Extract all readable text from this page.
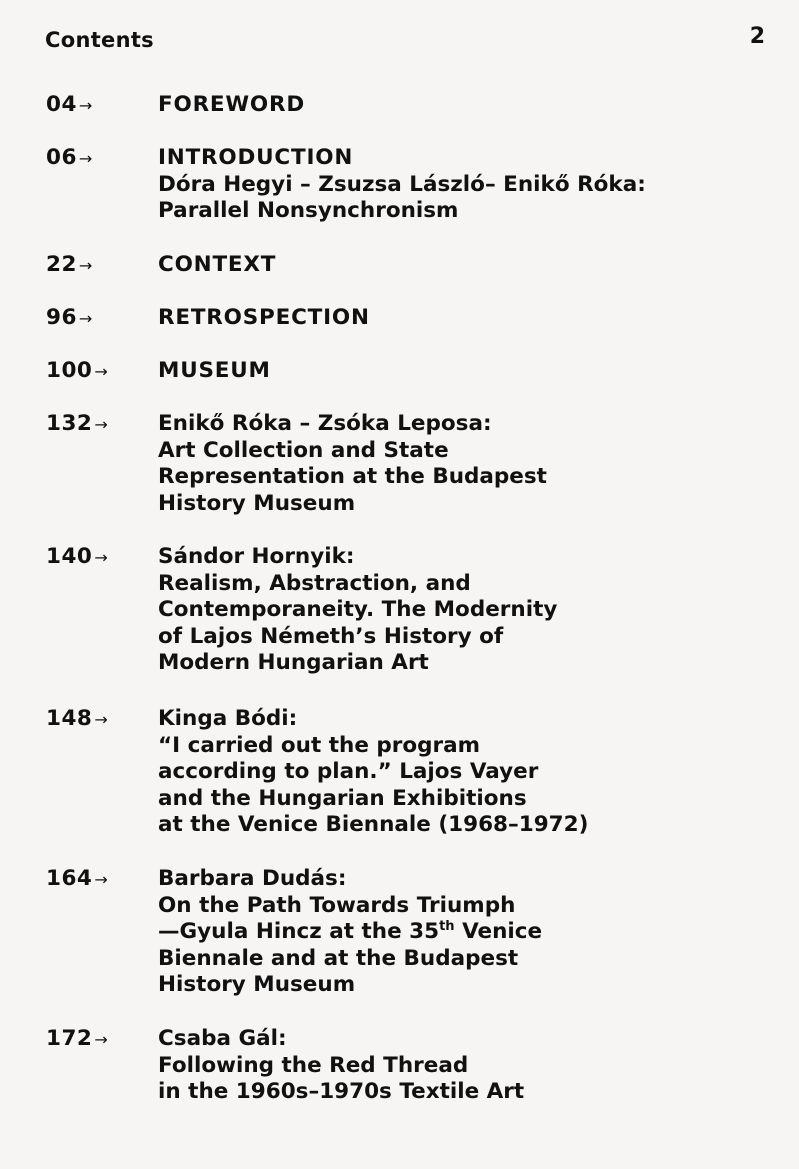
Contents	2
04 →	FOREWORD
06 →	INTRODUCTION
Dóra Hegyi – Zsuzsa László– Enikő Róka:
Parallel Nonsynchronism
22 →	CONTEXT
96 →	RETROSPECTION
100 → MUSEUM
132 → Enikő Róka – Zsóka Leposa:
Art Collection and State
Representation at the Budapest
History Museum
140 → Sándor Hornyik:
Realism, Abstraction, and
Contemporaneity. The Modernity
of Lajos Németh’s History of
Modern Hungarian Art
148 → Kinga Bódi:
“I carried out the program
according to plan.” Lajos Vayer
and the Hungarian Exhibitions
at the Venice Biennale (1968–1972)
164 → Barbara Dudás:
On the Path Towards Triumph
—Gyula Hincz at the 35th Venice
Biennale and at the Budapest
History Museum
172 → Csaba Gál:
Following the Red Thread
in the 1960s–1970s Textile Art
